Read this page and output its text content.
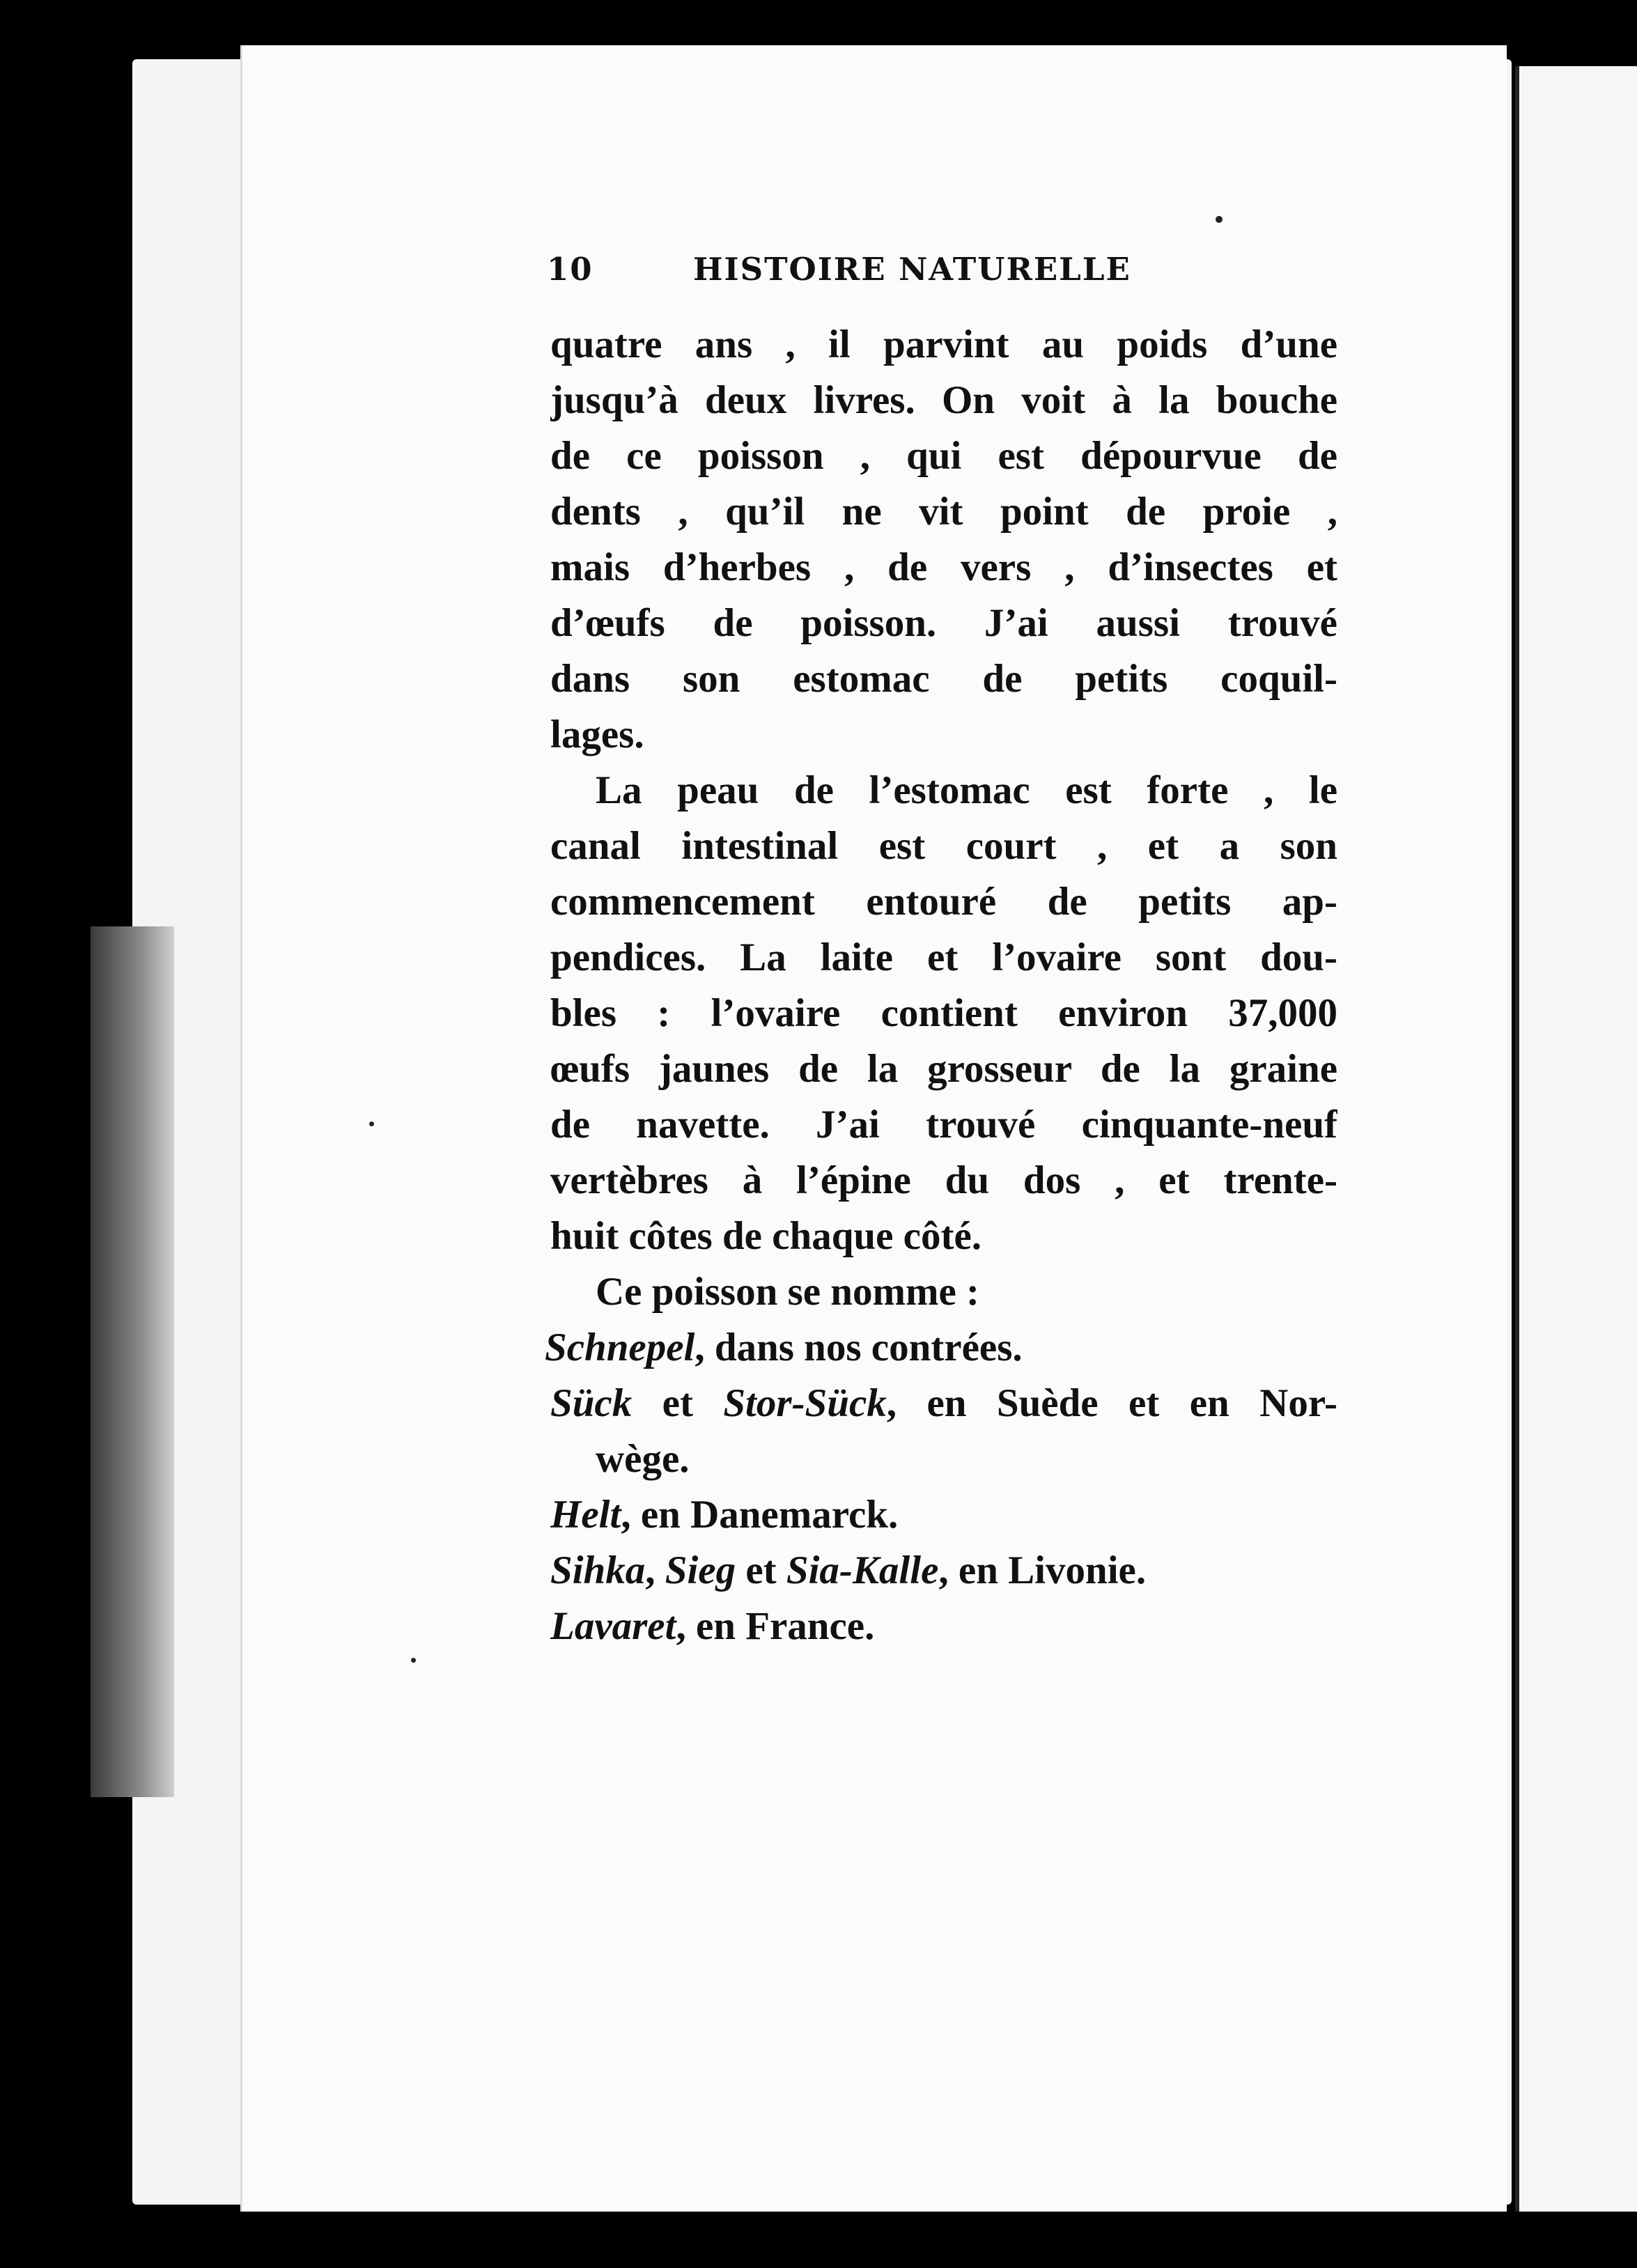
10	HISTOIRE NATURELLE
quatre ans , il parvint au poids d’une
jusqu’à deux livres. On voit à la bouche
de ce poisson , qui est dépourvue de
dents , qu’il ne vit point de proie ,
mais d’herbes , de vers , d’insectes et
d’œufs de poisson. J’ai aussi trouvé
dans son estomac de petits coquil-
lages.
La peau de l’estomac est forte , le
canal intestinal est court , et a son
commencement entouré de petits ap-
pendices. La laite et l’ovaire sont dou-
bles : l’ovaire contient environ 37,000
œufs jaunes de la grosseur de la graine
de navette. J’ai trouvé cinquante-neuf
vertèbres à l’épine du dos , et trente-
huit côtes de chaque côté.
Ce poisson se nomme :
Schnepel, dans nos contrées.
Sück et Stor-Sück, en Suède et en Nor-
wège.
Helt, en Danemarck.
Sihka, Sieg et Sia-Kalle, en Livonie.
Lavaret, en France.
